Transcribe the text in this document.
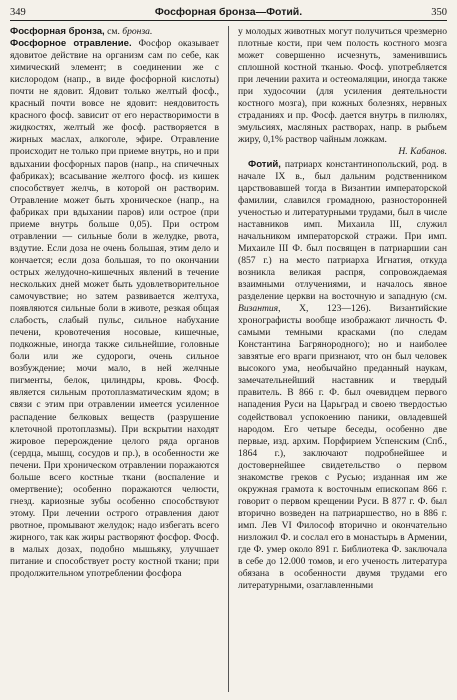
349	Фосфорная бронза—Фотий.	350

Фосфорная бронза, см. бронза.

Фосфорное отравление. Фосфор оказывает ядовитое действие на организм сам по себе, как химический элемент; в соединении же с кислородом (напр., в виде фосфорной кислоты) почти не ядовит. Ядовит только желтый фосф., красный почти вовсе не ядовит: неядовитость красного фосф. зависит от его нерастворимости в жидкостях, желтый же фосф. растворяется в жирных маслах, алкоголе, эфире. Отравление происходит не только при приеме внутрь, но и при вдыхании фосфорных паров (напр., на спичечных фабриках); всасывание желтого фосф. из кишек способствует желчь, в которой он растворим. Отравление может быть хроническое (напр., на фабриках при вдыхании паров) или острое (при приеме внутрь больше 0,05). При остром отравлении — сильные боли в желудке, рвота, вздутие. Если доза не очень большая, этим дело и кончается; если доза большая, то по окончании острых желудочно-кишечных явлений в течение нескольких дней может быть удовлетворительное самочувствие; но затем развивается желтуха, появляются сильные боли в животе, резкая общая слабость, слабый пульс, сильное набухание печени, кровотечения носовые, кишечные, подкожные, иногда также сильнейшие, головные боли или же судороги, очень сильное возбуждение; мочи мало, в ней желчные пигменты, белок, цилиндры, кровь. Фосф. является сильным протоплазматическим ядом; в связи с этим при отравлении имеется усиленное распадение белковых веществ (разрушение клеточной протоплазмы). При вскрытии находят жировое перерождение целого ряда органов (сердца, мышц, сосудов и пр.), в особенности же печени. При хроническом отравлении поражаются больше всего костные ткани (воспаление и омертвение); особенно поражаются челюсти, гнезд. кариозные зубы особенно способствуют этому. При лечении острого отравления дают рвотное, промывают желудок; надо избегать всего жирного, так как жиры растворяют фосфор. Фосф. в малых дозах, подобно мышьяку, улучшает питание и способствует росту костной ткани; при продолжительном употреблении фосфора

у молодых животных могут получиться чрезмерно плотные кости, при чем полость костного мозга может совершенно исчезнуть, заменившись сплошной костной тканью. Фосф. употребляется при лечении рахита и остеомаляции, иногда также при худосочии (для усиления деятельности костного мозга), при кожных болезнях, нервных страданиях и пр. Фосф. дается внутрь в пилюлях, эмульсиях, масляных растворах, напр. в рыбьем жиру, 0,1% раствор чайным ложкам.

Н. Кабанов.

Фотий, патриарх константинопольский, род. в начале IX в., был дальним родственником царствовавшей тогда в Византии императорской фамилии, славился громадною, разносторонней ученостью и литературными трудами, был в числе наставников имп. Михаила III, служил начальником императорской стражи. При имп. Михаиле III Ф. был посвящен в патриаршии сан (857 г.) на место патриарха Игнатия, откуда возникла великая распря, сопровождаемая взаимными отлучениями, и началось явное разделение церкви на восточную и западную (см. Византия, X, 123—126). Византийские хронографисты вообще изображают личность Ф. самыми темными красками (по следам Константина Багрянородного); но и наиболее завзятые его враги признают, что он был человек высокого ума, необычайно преданный наукам, замечательнейший наставник и твердый правитель. В 866 г. Ф. был очевидцем первого нападения Руси на Царьград и своею твердостью содействовал успокоению паники, овладевшей народом. Его четыре беседы, особенно две первые, изд. архим. Порфирием Успенским (Спб., 1864 г.), заключают подробнейшее и достовернейшее свидетельство о первом знакомстве греков с Русью; изданная им же окружная грамота к восточным епископам 866 г. говорит о первом крещении Руси. В 877 г. Ф. был вторично возведен на патриаршество, но в 886 г. имп. Лев VI Философ вторично и окончательно низложил Ф. и сослал его в монастырь в Армении, где Ф. умер около 891 г. Библиотека Ф. заключала в себе до 12.000 томов, и его ученость литература обязана в особенности двумя трудами его литературными, озаглавленными
